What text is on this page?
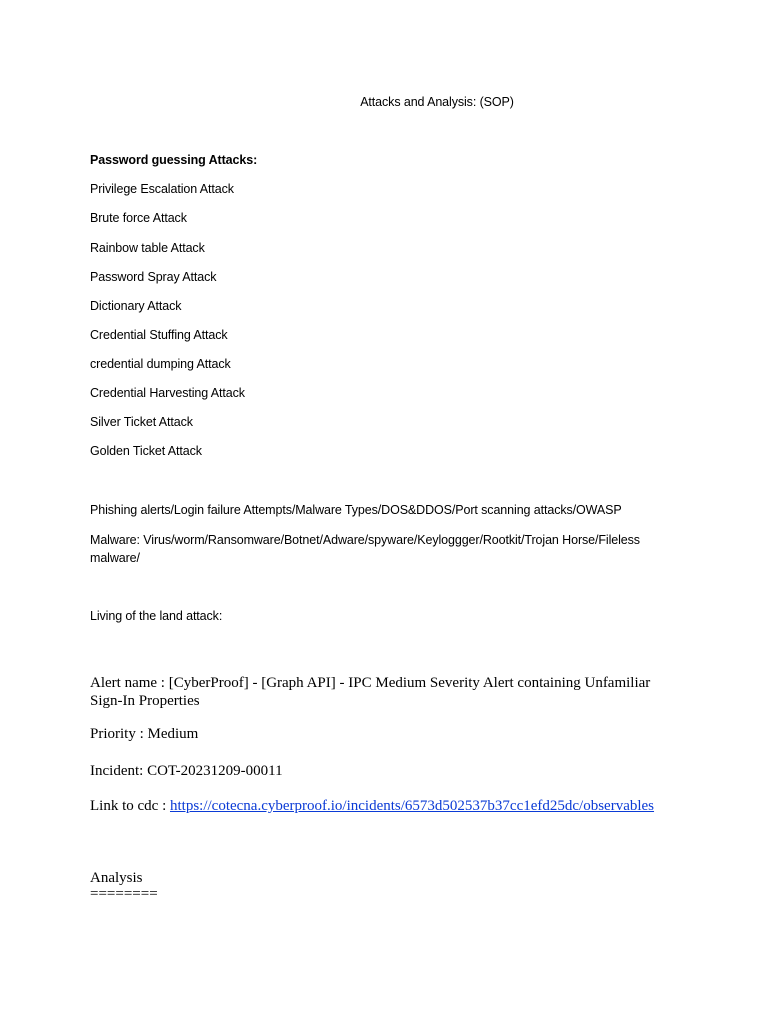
Attacks and Analysis: (SOP)
Password guessing Attacks:
Privilege Escalation Attack
Brute force Attack
Rainbow table Attack
Password Spray Attack
Dictionary Attack
Credential Stuffing Attack
credential dumping Attack
Credential Harvesting Attack
Silver Ticket Attack
Golden Ticket Attack
Phishing alerts/Login failure Attempts/Malware Types/DOS&DDOS/Port scanning attacks/OWASP
Malware: Virus/worm/Ransomware/Botnet/Adware/spyware/Keyloggger/Rootkit/Trojan Horse/Fileless malware/
Living of the land attack:
Alert name : [CyberProof] - [Graph API] - IPC Medium Severity Alert containing Unfamiliar Sign-In Properties
Priority : Medium
Incident: COT-20231209-00011
Link to cdc : https://cotecna.cyberproof.io/incidents/6573d502537b37cc1efd25dc/observables
Analysis
========
